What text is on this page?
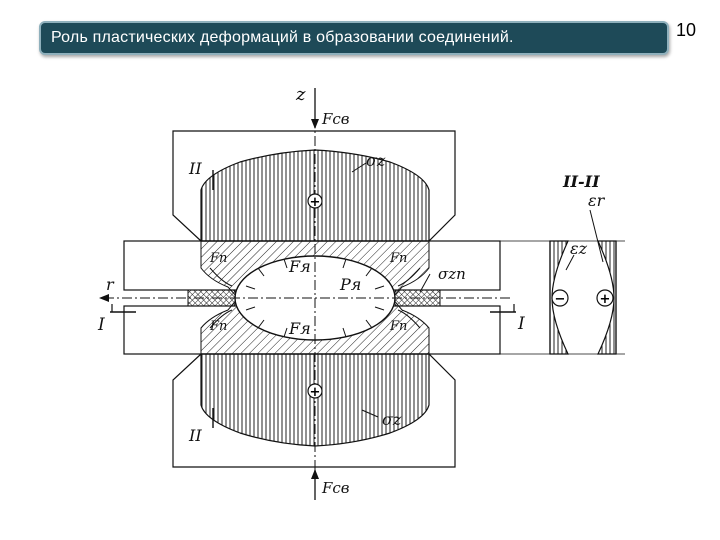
Роль пластических деформаций в образовании соединений.	10
z
Fсв
Fсв
r
II
II
I	I
II-II
σz
σz
σzп
Fп	Fп
Fп	Fп
Fя
Fя
Pя
εr
εz
+
+
−	+
